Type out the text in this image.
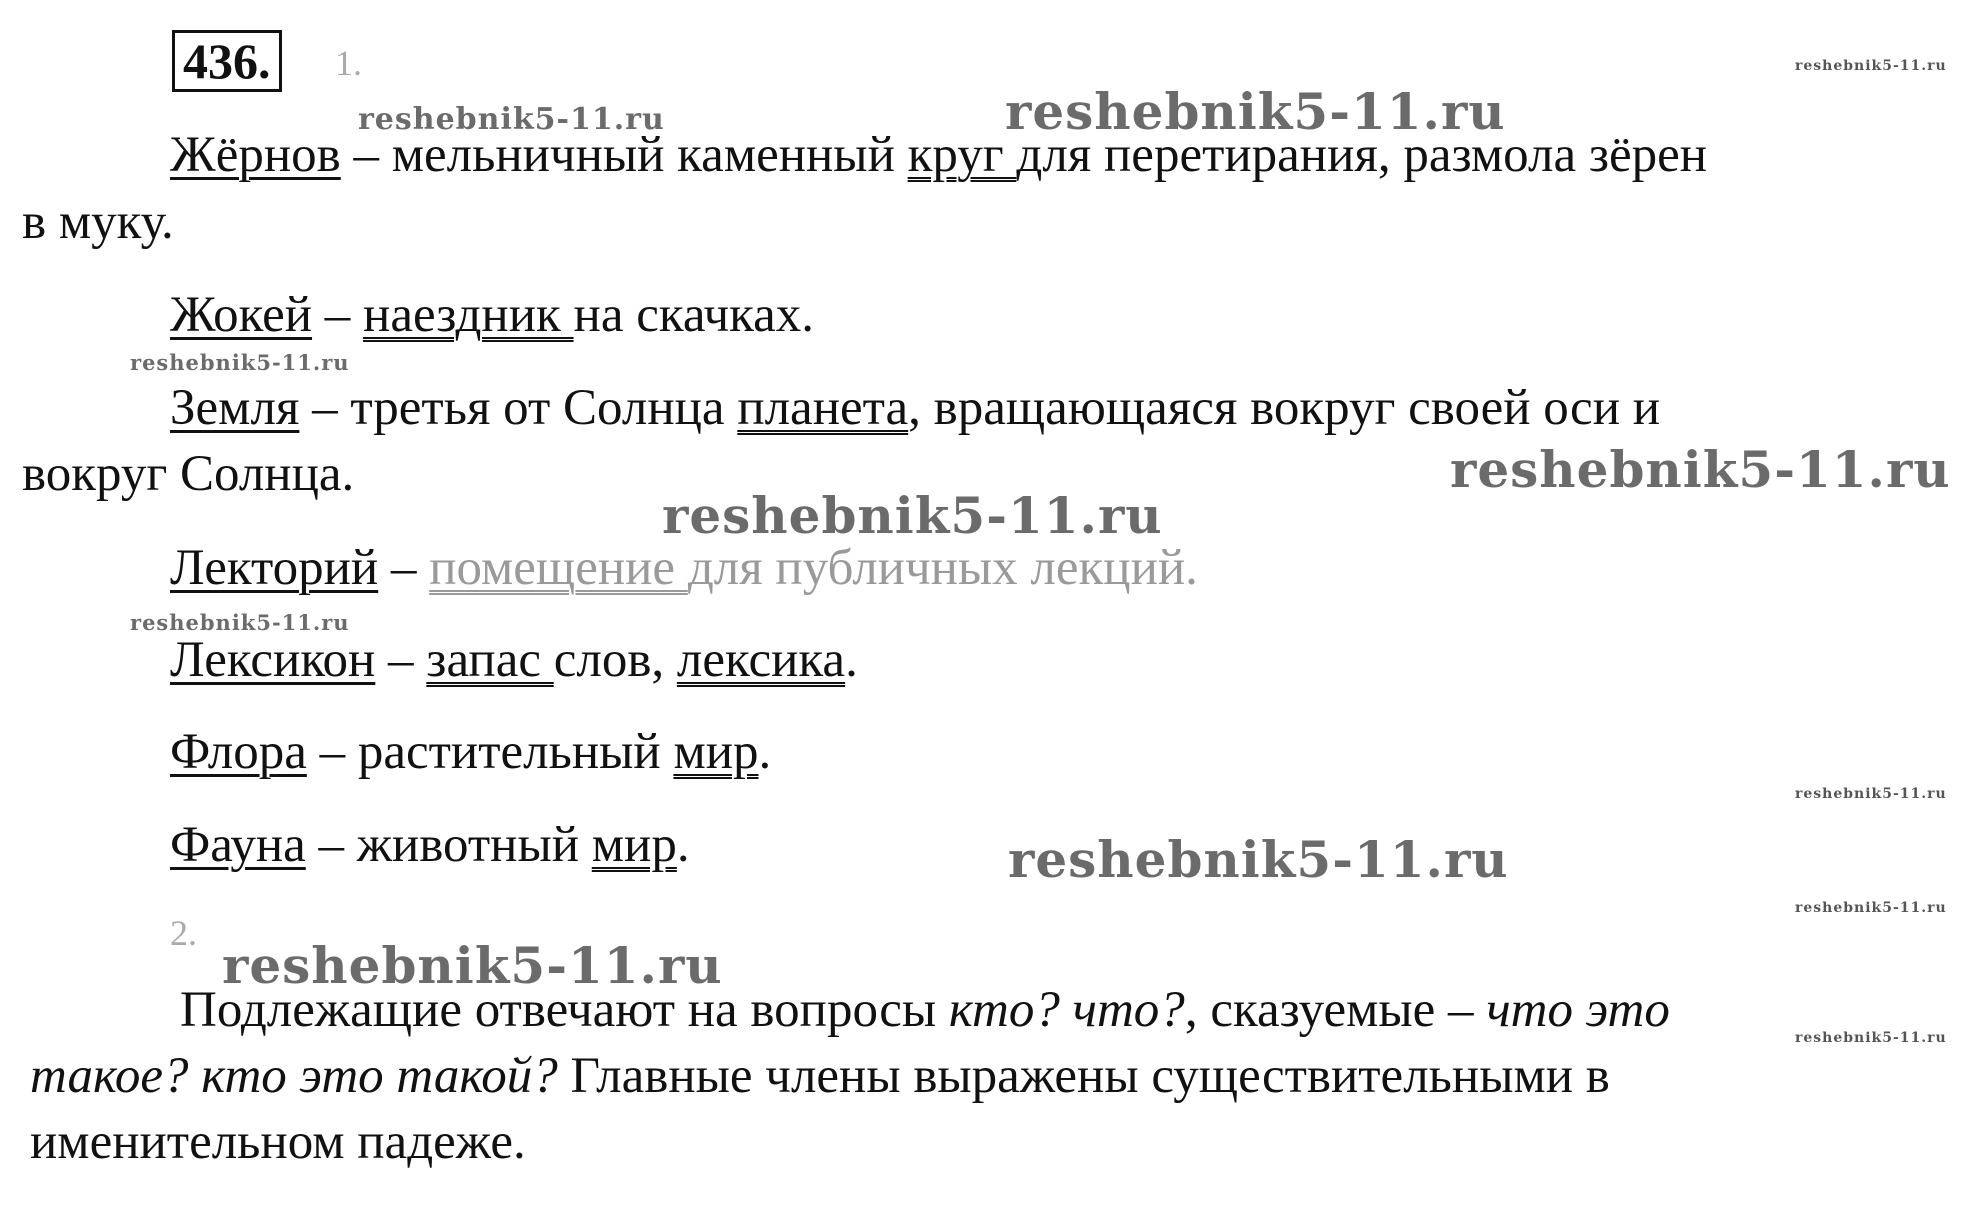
436.	1.
reshebnik5-11.ru
reshebnik5-11.ru
reshebnik5-11.ru
reshebnik5-11.ru
reshebnik5-11.ru
reshebnik5-11.ru
reshebnik5-11.ru
reshebnik5-11.ru
reshebnik5-11.ru
reshebnik5-11.ru
reshebnik5-11.ru
reshebnik5-11.ru
Жёрнов – мельничный каменный круг для перетирания, размола зёрен
в муку.
Жокей – наездник на скачках.
Земля – третья от Солнца планета, вращающаяся вокруг своей оси и
вокруг Солнца.
Лекторий – помещение для публичных лекций.
Лексикон – запас слов, лексика.
Флора – растительный мир.
Фауна – животный мир.
2.
Подлежащие отвечают на вопросы кто? что?, сказуемые – что это
такое? кто это такой? Главные члены выражены существительными в
именительном падеже.
